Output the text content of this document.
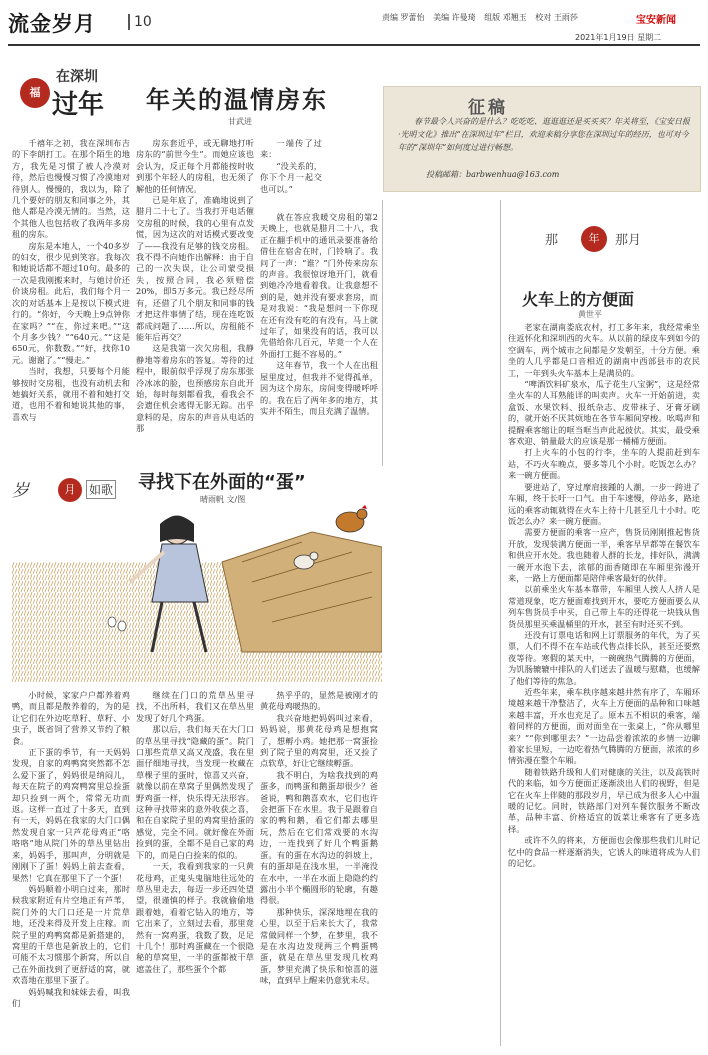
流金岁月	10	责编 罗蕾怡 美编 许曼琦 组版 邓翘玉 校对 王雨莎	宝安新闻
2021年1月19日 星期二
福
在深圳
过年 年关的温情房东
甘武进

千禧年之初，我在深圳布吉的下李朗打工。在那个陌生的地方，我先是习惯了被人冷漠对待，然后也慢慢习惯了冷漠地对待别人。慢慢的，我以为，除了几个要好的朋友和同事之外，其他人都是冷漠无情的。当然，这个其他人也包括收了我两年多房租的房东。

房东是本地人，一个40多岁的妇女，很少见到笑容。我每次和她说话都不超过10句。最多的一次是我刚搬来时，与她讨价还价谈房租。此后，我们每个月一次的对话基本上是按以下模式进行的。“你好，今天晚上9点钟你在家吗？”“在，你过来吧。”“这个月多少钱？”“640元。”“这是650元，你数数。”“好，找你10元。谢谢了。”“慢走。”

当时，我想，只要每个月能够按时交房租，也没有动机去和她搞好关系，就用不着和她打交道，也用不着和她说其他的事，喜欢与

房东套近乎，或无聊地打听房东的“前世今生”。而她应该也会认为，反正每个月都能按时收到那个年轻人的房租，也无须了解他的任何情况。

已是年底了，准确地说到了腊月二十七了。当我打开电话催交房租的时候，我的心里有点发慌，因为这次的对话模式要改变了——我没有足够的钱交房租。我不得不向她作出解释：由于自己的一次失误，让公司蒙受损失，按照合同，我必须赔偿20%，即5万多元。我已经尽所有，还借了几个朋友和同事的钱才把这件事情了结，现在连吃饭都成问题了……所以，房租能不能年后再交？

这是我第一次欠房租，我静静地等着房东的答复。等待的过程中，眼前似乎浮现了房东那张冷冰冰的脸，也预感房东自此开始，每时每刻都看我，看我会不会遗住机会逃得无影无踪。出乎意料的是，房东的声音从电话的那

一端传了过来：

“没关系的，你下个月一起交也可以。”

就在答应我暖交房租的第2天晚上，也就是腊月二十八，我正在翻手机中的通讯录要准备给借住在宿舍在时，门铃响了。我问了一声：“谁？”门外传来房东的声音。我很惊讶地开门，就看到她冷冷地看着我。让我意想不到的是，她并没有要求套房，而是对我说：“我是想问一下你现在还有没有吃的有没有，马上就过年了，如果没有的话，我可以先借给你几百元，毕竟一个人在外面打工挺不容易的。”

这年春节，我一个人在出租屋里度过，但我并不觉得孤单，因为这个房东，房间变得暖呼呼的。我在后了两年多的地方，其实并不陌生，而且充满了温情。

征稿
春节最令人兴奋的是什么？吃吃吃、逛逛逛还是买买买？年关将至，《宝安日报·光明文化》推出“在深圳过年”栏目，欢迎来稿分享您在深圳过年的经历，也可对今年的“深圳年”如何度过进行畅想。
投稿邮箱：barbwenhua@163.com
那	年	那月
火车上的方便面
黄世平

老家在湖南娄底农村，打工多年来，我经常乘坐往返怀化和深圳西的火车。从以前的绿皮车到如今的空调车，两个城市之间都是夕发朝至，十分方便。乘坐的人几乎都是口音相近的湖南中西部县市的农民工，一年到头火车基本上是满员的。

“啤酒饮料矿泉水，瓜子花生八宝粥”，这是经常坐火车的人耳熟能详的叫卖声。火车一开始前进，卖盒饭、水果饮料、报纸杂志、皮带袜子、牙膏牙刷的，就开始不厌其烦地在各节车厢间穿梭。吆喝声和提醒乘客缩让的哐当哐当声此起彼伏。其实，最受乘客欢迎、销量最大的应该是那一桶桶方便面。

打上火车的小包的行李，坐车的人提前赶到车站，不巧火车晚点，要多等几个小时。吃饭怎么办？来一碗方便面。

要进站了，穿过摩肩接踵的人潮，一步一跨进了车厢，终于长吁一口气。由于车速慢，停站多，路途远的乘客动辄就得在火车上待十几甚至几十小时。吃饭怎么办？来一碗方便面。

需要方便面的乘客一应产，售货员刚刚推起售货开放，发现装满方便面一半，乘客早早都等在餐饮车和供应开水处。我也随着人群的长龙，排好队，满满一碗开水泡下去，浓郁的面香随即在车厢里弥漫开来，一路上方便面都是陪伴乘客最好的伙伴。

以前乘坐火车基本靠带，车厢里人挨人人挤人是常道现象，吃方便面难找到开水，要吃方便面要么从列车售货员手中买，自己带上车的还得花一块钱从售货员那里买乘温桶里的开水，甚至有时还买不到。

还没有订票电话和网上订票服务的年代，为了买票，人们不得不在车站或代售点排长队，甚至还要熬夜等待。寒假的某天中，一碗碗热气腾腾的方便面，为饥肠辘辘中排队的人们送去了温暖与慰藉，也缓解了他们等待的焦急。

近些年来，乘车秩序越来越井然有序了，车厢环境越来越干净整洁了，火车上方便面的品种和口味越来越丰富，开水也充足了。原本五不相识的乘客，端着同样的方便面，面对面坐在一张桌上，“你从哪里来？”“你到哪里去？”一边品尝着浓浓的乡情一边聊着家长里短，一边吃着热气腾腾的方便面，浓浓的乡情弥漫在整个车厢。

随着铁路升级和人们对健康的关注，以及高铁时代的来临，如今方便面正逐渐淡出人们的视野，但是它在火车上伴随的那段岁月，早已成为很多人心中温暖的记忆。同时，铁路部门对列车餐饮服务不断改革，品种丰富、价格适宜的饭菜让乘客有了更多选择。

或许不久的将来，方便面也会像那些我们儿时记忆中的食品一样逐渐消失，它诱人的味道将成为人们的记忆。

岁	月	如歌 寻找下在外面的“蛋”
晴雨帆 文/图

小时候，家家户户都养着鸡鸭，而且都是散养着的，为的是让它们在外边吃草籽、草籽、小虫子，既省饲了营养又节约了粮食。

正下蛋的季节，有一天妈妈发现，自家的鸡鸭窝突然都不怎么爱下蛋了，妈妈很是纳闷儿，每天在院子的鸡窝鸭窝里总捡蛋却只捡到一两个，常常无功而返。这样一直过了十多天，直到有一天，妈妈在我家的大门口偶然发现自家一只芦花母鸡正“咯咯咯”地从院门外的草丛里钻出来，妈妈手，那叫声，分明就是刚刚下了蛋！妈妈上前去查看，果然！它真在那里下了一个蛋！

妈妈顺着小明白过来，那时候我家附近有片空地正有芦苇，院门外的大门口还是一片荒草地，还没来得及开发上庄稼。而院子里的鸡鸭窝都是新搭建的，窝里的干草也是新放上的，它们可能不太习惯那个新窝，所以自己在外面找到了更舒适的窝，就欢喜地在那里下蛋了。

妈妈喊我和妹妹去看，叫我们

继续在门口的荒草丛里寻找，不出所料，我们又在草丛里发现了好几个鸡蛋。

那以后，我们每天在大门口的草丛里寻找“隐藏的蛋”。院门口那些荒草又高又茂盛，我在里面仔细地寻找，当发现一枚藏在草棵子里的蛋时，惊喜又兴奋，就像以前在草窝子里偶然发现了野鸡蛋一样，快乐得无法形容。这种寻找带来的意外收获之喜，和在自家院子里的鸡窝里拾蛋的感觉，完全不同。就好像在外面捡到的蛋，全都不是自己家的鸡下的，而是白白捡来的似的。

一天，我看到我家的一只黄花母鸡，正鬼头鬼脑地往远处的草丛里走去，每迈一步还四处望望，很谨慎的样子。我就偷偷地跟着她，看着它钻入的地方，等它出来了，立刻过去看，那里竟然有一窝鸡蛋，我数了数，足足十几个！那时鸡蛋藏在一个很隐秘的草窝里，一半的蛋都被干草遮盖住了，那些蛋个个都

热乎乎的，显然是被刚才的黄花母鸡暖热的。

我兴奋地把妈妈叫过来看，妈妈说，那黄花母鸡是想抱窝了，想孵小鸡。她把那一窝蛋捡到了院子里的鸡窝里，还又捡了点软草，好让它继续孵蛋。

我不明白，为啥我找到的鸡蛋多，而鸭蛋和鹅蛋却很少？爸爸说，鸭和鹅喜欢水，它们也许会把蛋下在水里。我于是跟着自家的鸭和鹅，看它们都去哪里玩，然后在它们常戏要的水沟边，一连找到了好几个鸭蛋鹅蛋。有的蛋在水沟边的斜坡上，有的蛋却是在浅水里，一半淹没在水中，一半在水面上隐隐约约露出小半个椭圆形的轮廓，有趣得很。

那种快乐，深深地埋在我的心里，以至于后来长大了，我常常做同样一个梦，在梦里，我不是在水沟边发现两三个鸭蛋鸭蛋，就是在草丛里发现几枚鸡蛋，梦里充满了快乐和惊喜的滋味，直到早上醒来仍意犹未尽。
